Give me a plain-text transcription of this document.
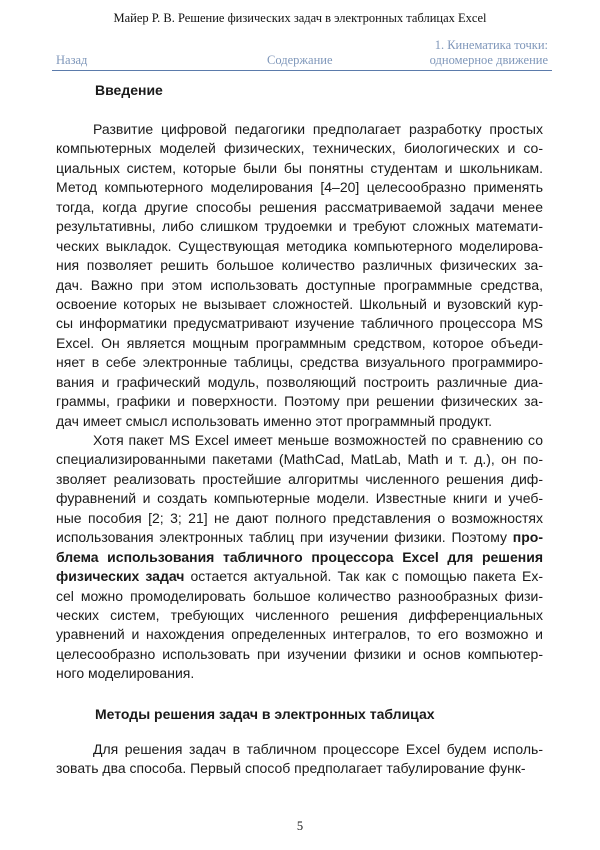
Майер Р. В. Решение физических задач в электронных таблицах Excel
Назад	Содержание
1. Кинематика точки:
одномерное движение
Введение
Развитие цифровой педагогики предполагает разработку простых
компьютерных моделей физических, технических, биологических и со-
циальных систем, которые были бы понятны студентам и школьникам.
Метод компьютерного моделирования [4–20] целесообразно применять
тогда, когда другие способы решения рассматриваемой задачи менее
результативны, либо слишком трудоемки и требуют сложных математи-
ческих выкладок. Существующая методика компьютерного моделирова-
ния позволяет решить большое количество различных физических за-
дач. Важно при этом использовать доступные программные средства,
освоение которых не вызывает сложностей. Школьный и вузовский кур-
сы информатики предусматривают изучение табличного процессора MS
Excel. Он является мощным программным средством, которое объеди-
няет в себе электронные таблицы, средства визуального программиро-
вания и графический модуль, позволяющий построить различные диа-
граммы, графики и поверхности. Поэтому при решении физических за-
дач имеет смысл использовать именно этот программный продукт.
Хотя пакет MS Excel имеет меньше возможностей по сравнению со
специализированными пакетами (MathCad, MatLab, Math и т. д.), он по-
зволяет реализовать простейшие алгоритмы численного решения диф-
фуравнений и создать компьютерные модели. Известные книги и учеб-
ные пособия [2; 3; 21] не дают полного представления о возможностях
использования электронных таблиц при изучении физики. Поэтому про-
блема использования табличного процессора Excel для решения
физических задач остается актуальной. Так как с помощью пакета Ex-
cel можно промоделировать большое количество разнообразных физи-
ческих систем, требующих численного решения дифференциальных
уравнений и нахождения определенных интегралов, то его возможно и
целесообразно использовать при изучении физики и основ компьютер-
ного моделирования.
Методы решения задач в электронных таблицах
Для решения задач в табличном процессоре Excel будем исполь-
зовать два способа. Первый способ предполагает табулирование функ-
5
